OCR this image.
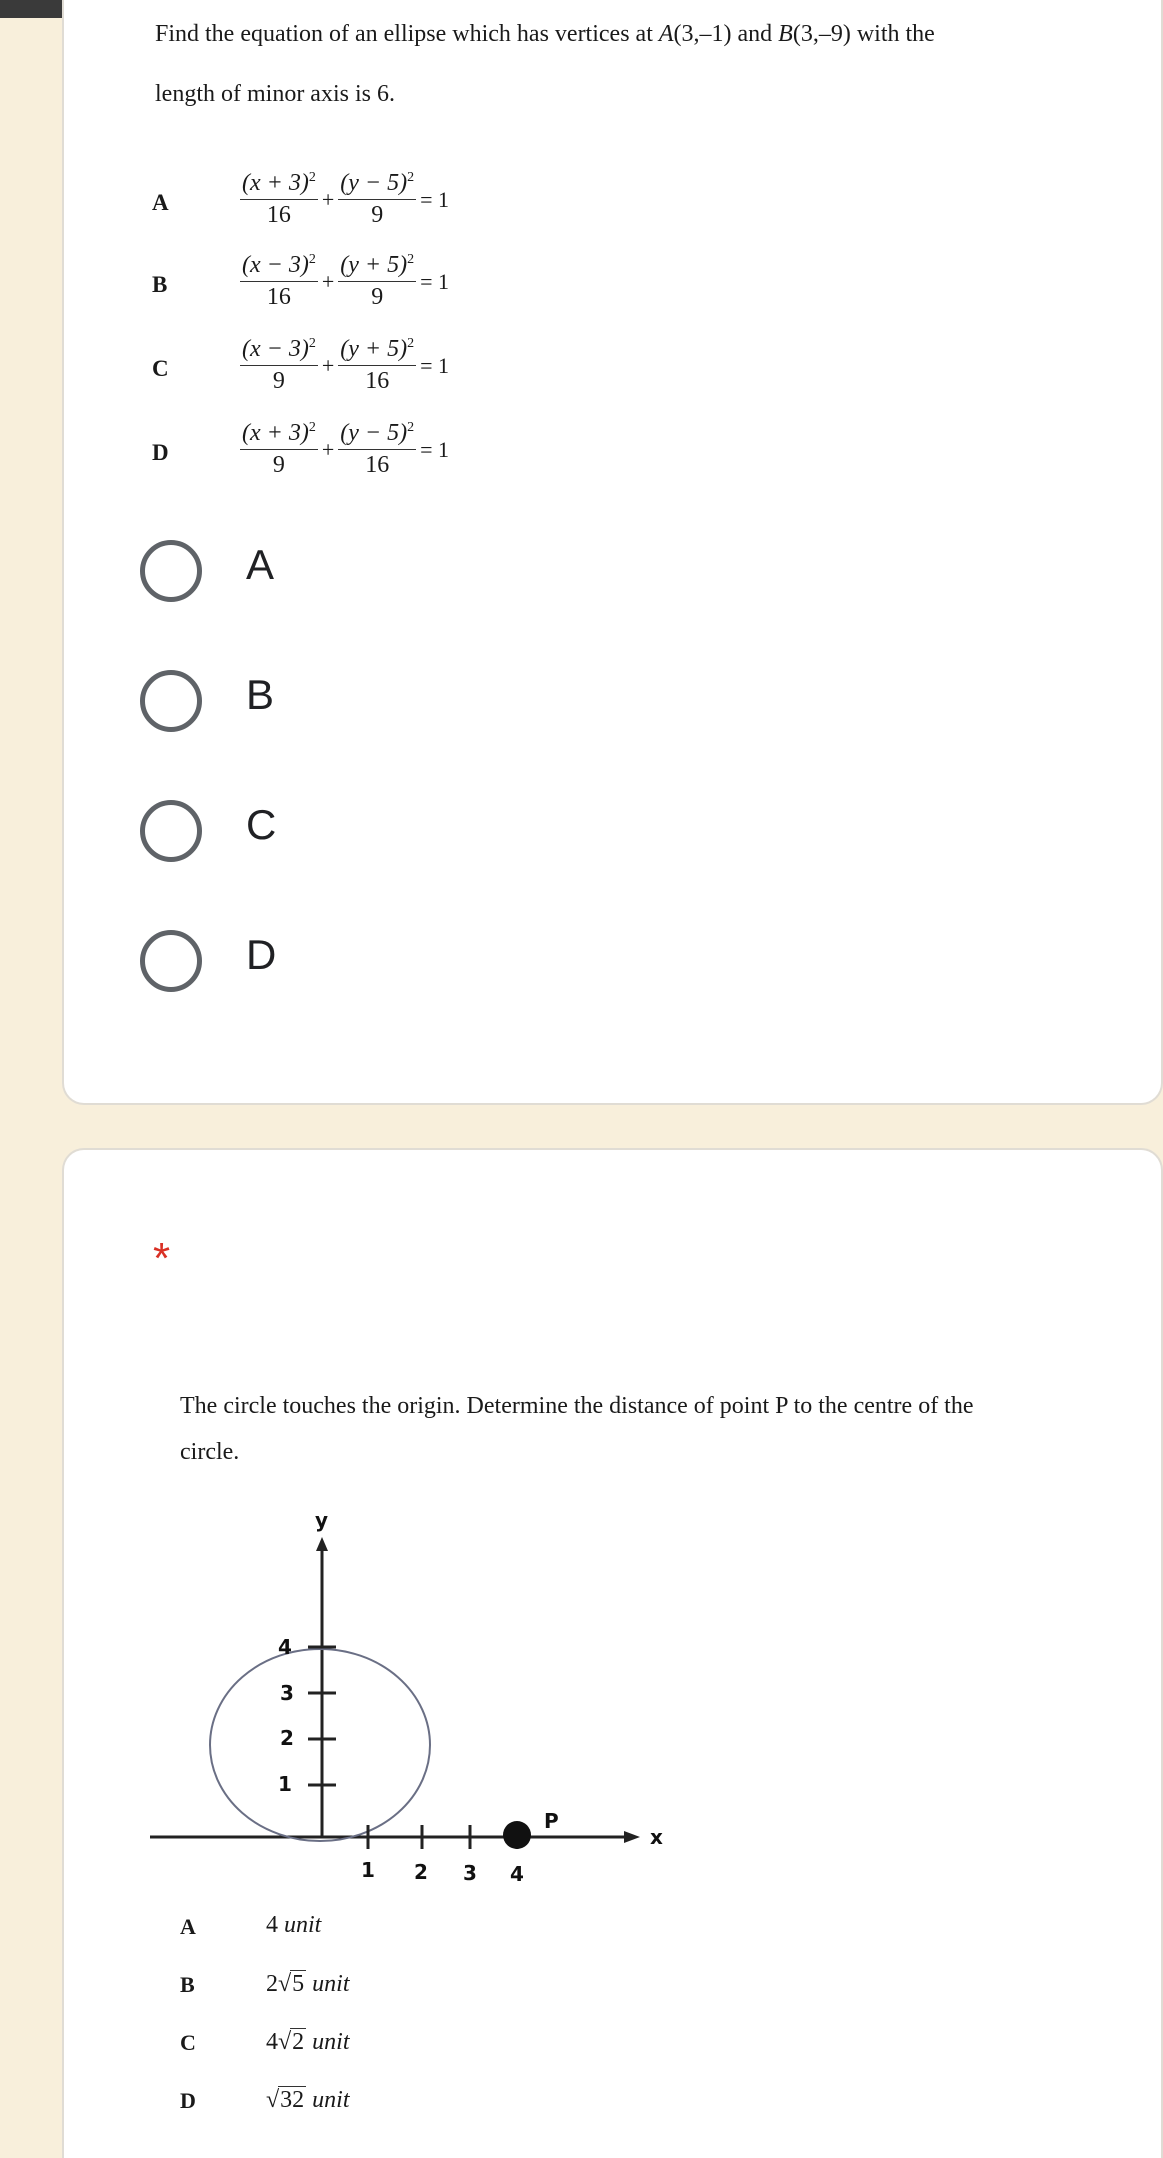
Find the equation of an ellipse which has vertices at A(3,–1) and B(3,–9) with the
length of minor axis is 6.
A	$\frac{(x + 3)^2}{16} + \frac{(y - 5)^2}{9} = 1$
B	$\frac{(x - 3)^2}{16} + \frac{(y + 5)^2}{9} = 1$
C	$\frac{(x - 3)^2}{9} + \frac{(y + 5)^2}{16} = 1$
D	$\frac{(x + 3)^2}{9} + \frac{(y - 5)^2}{16} = 1$
A
B
C
D
*
The circle touches the origin. Determine the distance of point P to the centre of the
circle.
y
x
P
4
3
2
1
1 2 3 4
A	4 unit
B	2√5 unit
C	4√2 unit
D	√32 unit
